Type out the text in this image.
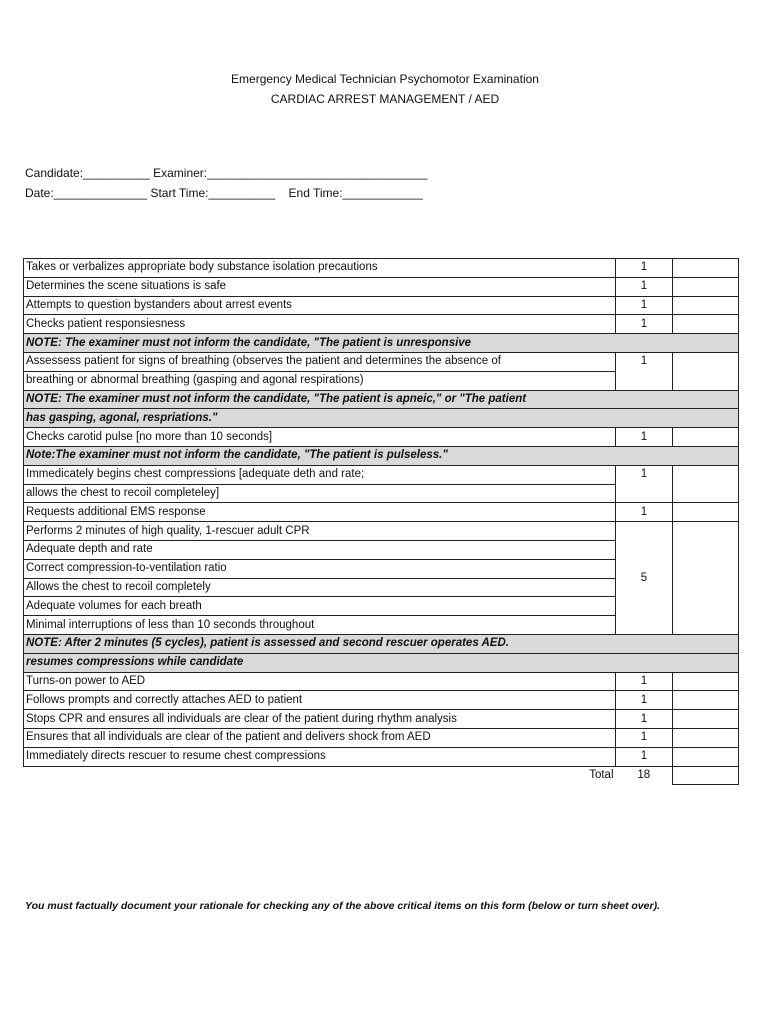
Emergency Medical Technician Psychomotor Examination
CARDIAC ARREST MANAGEMENT / AED
Candidate:__________ Examiner:_________________________________
Date:______________ Start Time:__________    End Time:____________
Takes or verbalizes appropriate body substance isolation precautions	1	
Determines the scene situations is safe	1	
Attempts to question bystanders about arrest events	1	
Checks patient responsiesness	1	
NOTE: The examiner must not inform the candidate, "The patient is unresponsive		
Assessess patient for signs of breathing (observes the patient and determines the absence of	1	
breathing or abnormal breathing (gasping and agonal respirations)		
NOTE: The examiner must not inform the candidate, "The patient is apneic," or "The patient		
has gasping, agonal, respriations."		
Checks carotid pulse [no more than 10 seconds]	1	
Note:The examiner must not inform the candidate, "The patient is pulseless."		
Immedicately begins chest compressions [adequate deth and rate;	1	
allows the chest to recoil completeley]		
Requests additional EMS response	1	
Performs 2 minutes of high quality, 1-rescuer adult CPR	5	
Adequate depth and rate		
Correct compression-to-ventilation ratio		
Allows the chest to recoil completely		
Adequate volumes for each breath		
Minimal interruptions of less than 10 seconds throughout		
NOTE: After 2 minutes (5 cycles), patient is assessed and second rescuer operates AED.		
resumes compressions while candidate		
Turns-on power to AED	1	
Follows prompts and correctly attaches AED to patient	1	
Stops CPR and ensures all individuals are clear of the patient during rhythm analysis	1	
Ensures that all individuals are clear of the patient and delivers shock from AED	1	
Immediately directs rescuer to resume chest compressions	1	
Total	18	
You must factually document your rationale for checking any of the above critical items on this form (below or turn sheet over).
